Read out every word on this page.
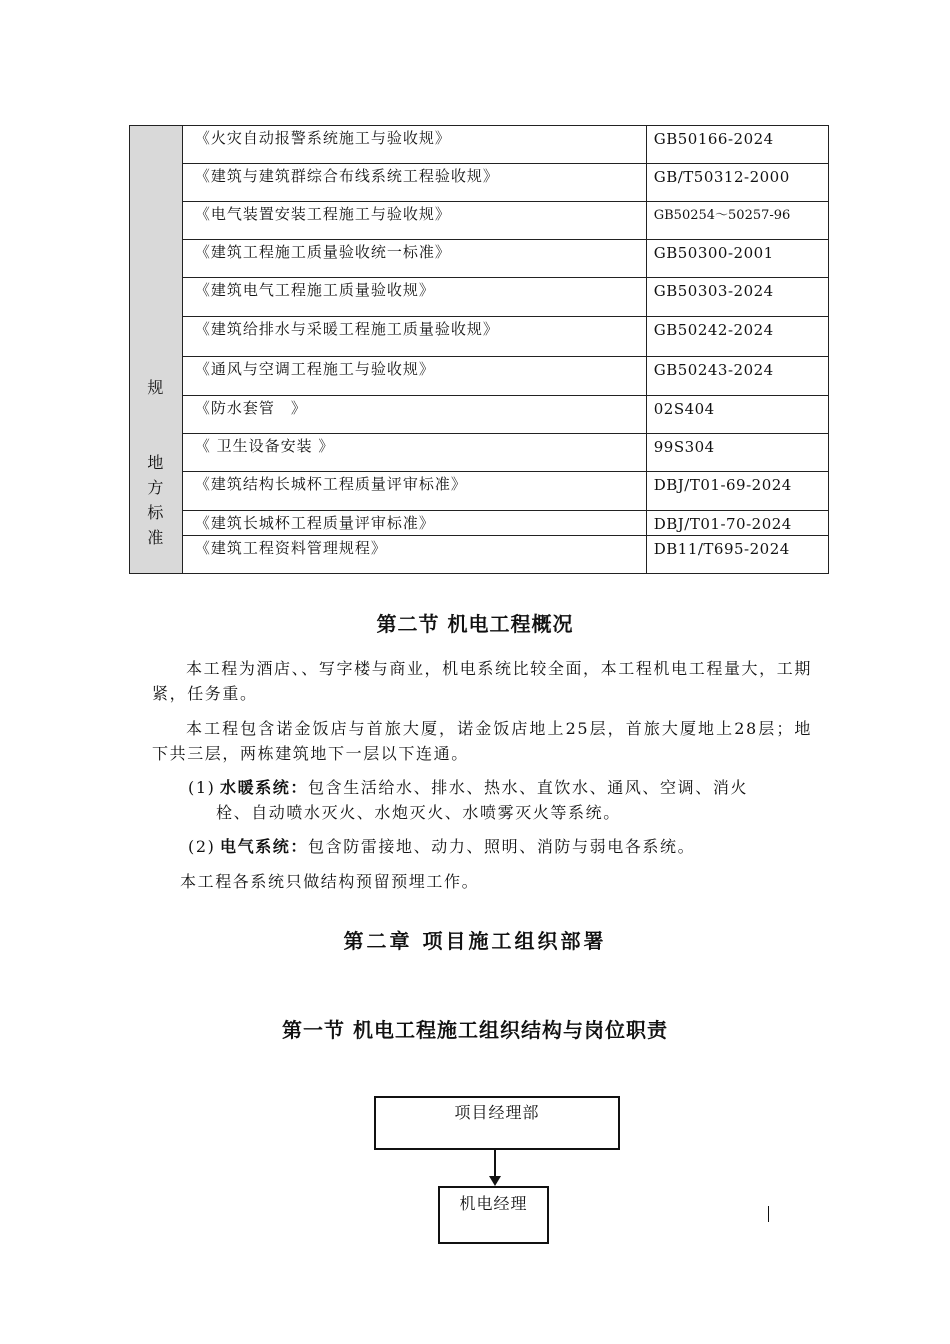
规
地方标准	《火灾自动报警系统施工与验收规》	GB50166-2024
	《建筑与建筑群综合布线系统工程验收规》	GB/T50312-2000
	《电气装置安装工程施工与验收规》	GB50254～50257-96
	《建筑工程施工质量验收统一标准》	GB50300-2001
	《建筑电气工程施工质量验收规》	GB50303-2024
	《建筑给排水与采暖工程施工质量验收规》	GB50242-2024
	《通风与空调工程施工与验收规》	GB50243-2024
	《防水套管　》	02S404
	《 卫生设备安装 》	99S304
	《建筑结构长城杯工程质量评审标准》	DBJ/T01-69-2024
	《建筑长城杯工程质量评审标准》	DBJ/T01-70-2024
	《建筑工程资料管理规程》	DB11/T695-2024
第二节 机电工程概况
本工程为酒店、、写字楼与商业，机电系统比较全面，本工程机电工程量大，工期紧，任务重。
本工程包含诺金饭店与首旅大厦，诺金饭店地上25层，首旅大厦地上28层；地下共三层，两栋建筑地下一层以下连通。
(1) 水暖系统：包含生活给水、排水、热水、直饮水、通风、空调、消火
栓、自动喷水灭火、水炮灭火、水喷雾灭火等系统。
(2) 电气系统：包含防雷接地、动力、照明、消防与弱电各系统。
本工程各系统只做结构预留预埋工作。
第二章 项目施工组织部署
第一节 机电工程施工组织结构与岗位职责
项目经理部
机电经理
